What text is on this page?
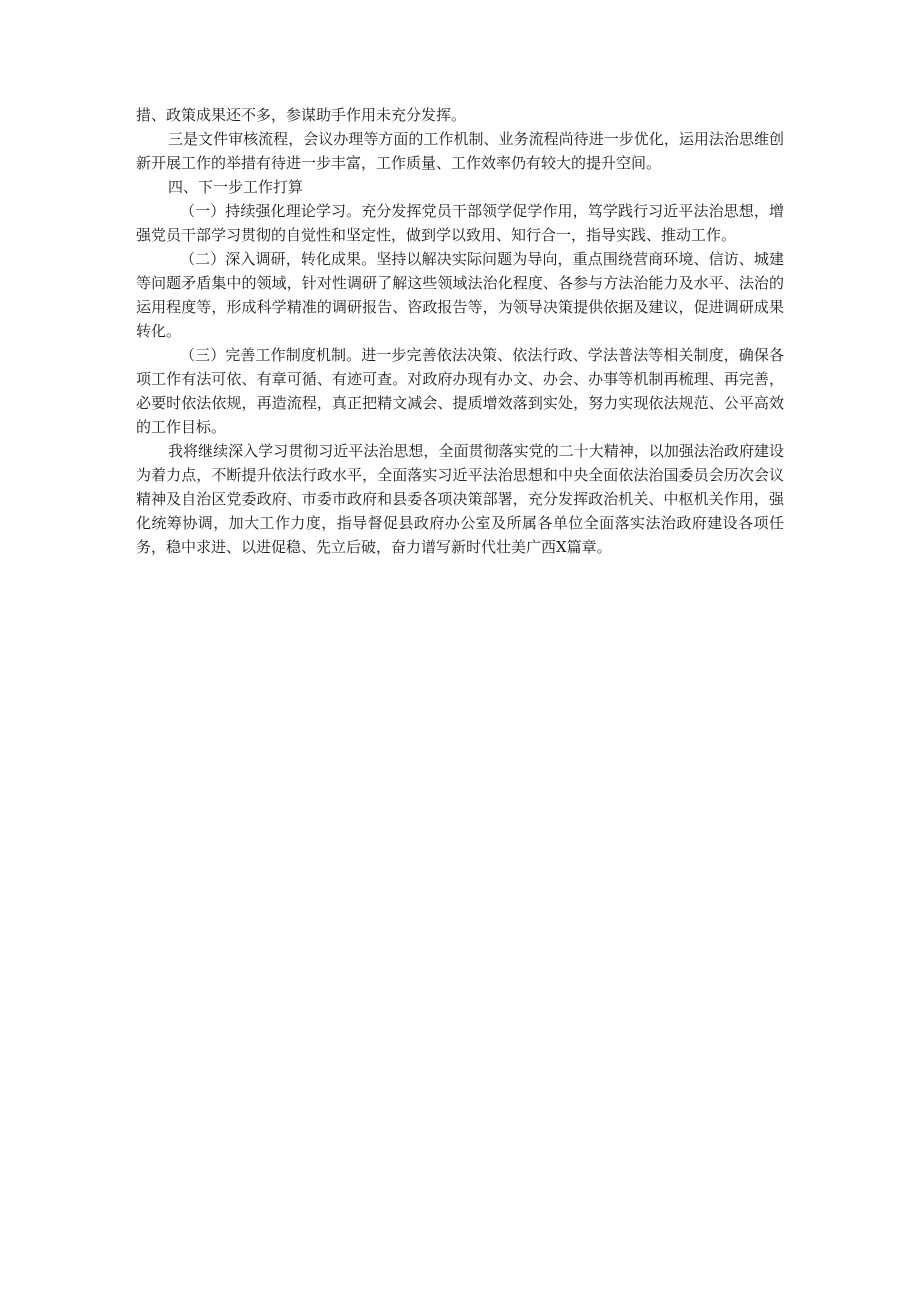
措、政策成果还不多，参谋助手作用未充分发挥。

三是文件审核流程，会议办理等方面的工作机制、业务流程尚待进一步优化，运用法治思维创新开展工作的举措有待进一步丰富，工作质量、工作效率仍有较大的提升空间。

四、下一步工作打算

（一）持续强化理论学习。充分发挥党员干部领学促学作用，笃学践行习近平法治思想，增强党员干部学习贯彻的自觉性和坚定性，做到学以致用、知行合一，指导实践、推动工作。

（二）深入调研，转化成果。坚持以解决实际问题为导向，重点围绕营商环境、信访、城建等问题矛盾集中的领域，针对性调研了解这些领域法治化程度、各参与方法治能力及水平、法治的运用程度等，形成科学精准的调研报告、咨政报告等，为领导决策提供依据及建议，促进调研成果转化。

（三）完善工作制度机制。进一步完善依法决策、依法行政、学法普法等相关制度，确保各项工作有法可依、有章可循、有迹可查。对政府办现有办文、办会、办事等机制再梳理、再完善，必要时依法依规，再造流程，真正把精文减会、提质增效落到实处，努力实现依法规范、公平高效的工作目标。

我将继续深入学习贯彻习近平法治思想，全面贯彻落实党的二十大精神，以加强法治政府建设为着力点，不断提升依法行政水平，全面落实习近平法治思想和中央全面依法治国委员会历次会议精神及自治区党委政府、市委市政府和县委各项决策部署，充分发挥政治机关、中枢机关作用，强化统筹协调，加大工作力度，指导督促县政府办公室及所属各单位全面落实法治政府建设各项任务，稳中求进、以进促稳、先立后破，奋力谱写新时代壮美广西X篇章。
